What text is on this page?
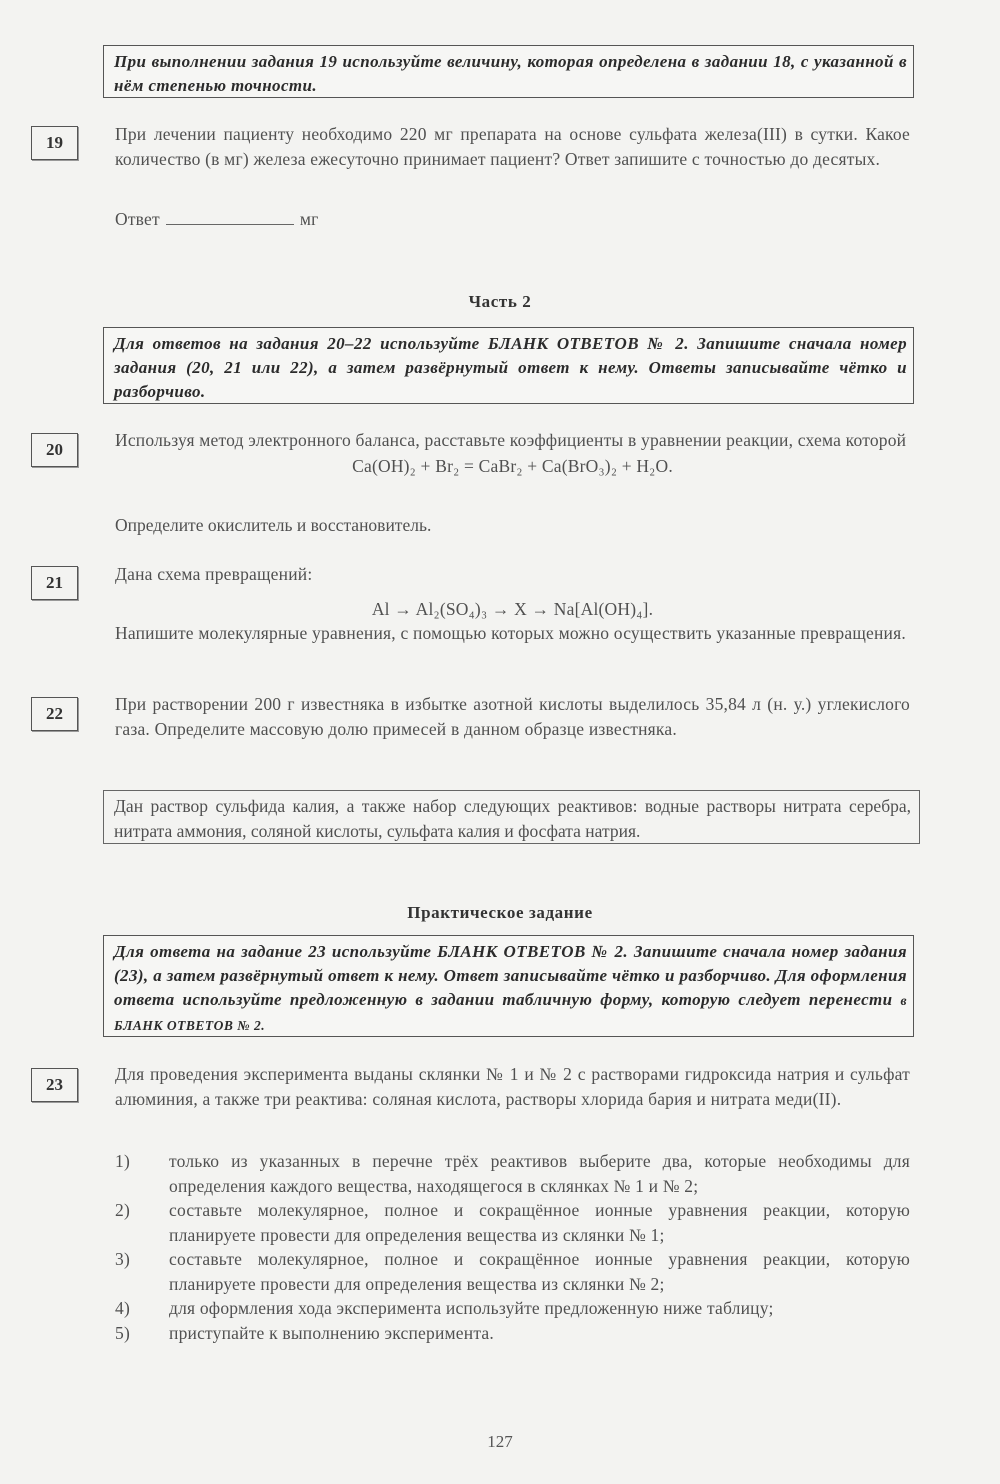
При выполнении задания 19 используйте величину, которая определена в задании 18, с указанной в нём степенью точности.
19	При лечении пациенту необходимо 220 мг препарата на основе сульфата железа(III) в сутки. Какое количество (в мг) железа ежесуточно принимает пациент? Ответ запишите с точностью до десятых.
Ответ	мг
Часть 2
Для ответов на задания 20–22 используйте БЛАНК ОТВЕТОВ № 2. Запишите сначала номер задания (20, 21 или 22), а затем развёрнутый ответ к нему. Ответы записывайте чётко и разборчиво.
20	Используя метод электронного баланса, расставьте коэффициенты в уравнении реакции, схема которой
Ca(OH)₂ + Br₂ = CaBr₂ + Ca(BrO₃)₂ + H₂O.
Определите окислитель и восстановитель.
21	Дана схема превращений:
Al → Al₂(SO₄)₃ → X → Na[Al(OH)₄].
Напишите молекулярные уравнения, с помощью которых можно осуществить указанные превращения.
22	При растворении 200 г известняка в избытке азотной кислоты выделилось 35,84 л (н. у.) углекислого газа. Определите массовую долю примесей в данном образце известняка.
Дан раствор сульфида калия, а также набор следующих реактивов: водные растворы нитрата серебра, нитрата аммония, соляной кислоты, сульфата калия и фосфата натрия.
Практическое задание
Для ответа на задание 23 используйте БЛАНК ОТВЕТОВ № 2. Запишите сначала номер задания (23), а затем развёрнутый ответ к нему. Ответ записывайте чётко и разборчиво. Для оформления ответа используйте предложенную в задании табличную форму, которую следует перенести в БЛАНК ОТВЕТОВ № 2.
23
Для проведения эксперимента выданы склянки № 1 и № 2 с растворами гидроксида натрия и сульфат алюминия, а также три реактива: соляная кислота, растворы хлорида бария и нитрата меди(II).
1) только из указанных в перечне трёх реактивов выберите два, которые необходимы для определения каждого вещества, находящегося в склянках № 1 и № 2;
2) составьте молекулярное, полное и сокращённое ионные уравнения реакции, которую планируете провести для определения вещества из склянки № 1;
3) составьте молекулярное, полное и сокращённое ионные уравнения реакции, которую планируете провести для определения вещества из склянки № 2;
4) для оформления хода эксперимента используйте предложенную ниже таблицу;
5) приступайте к выполнению эксперимента.
127
